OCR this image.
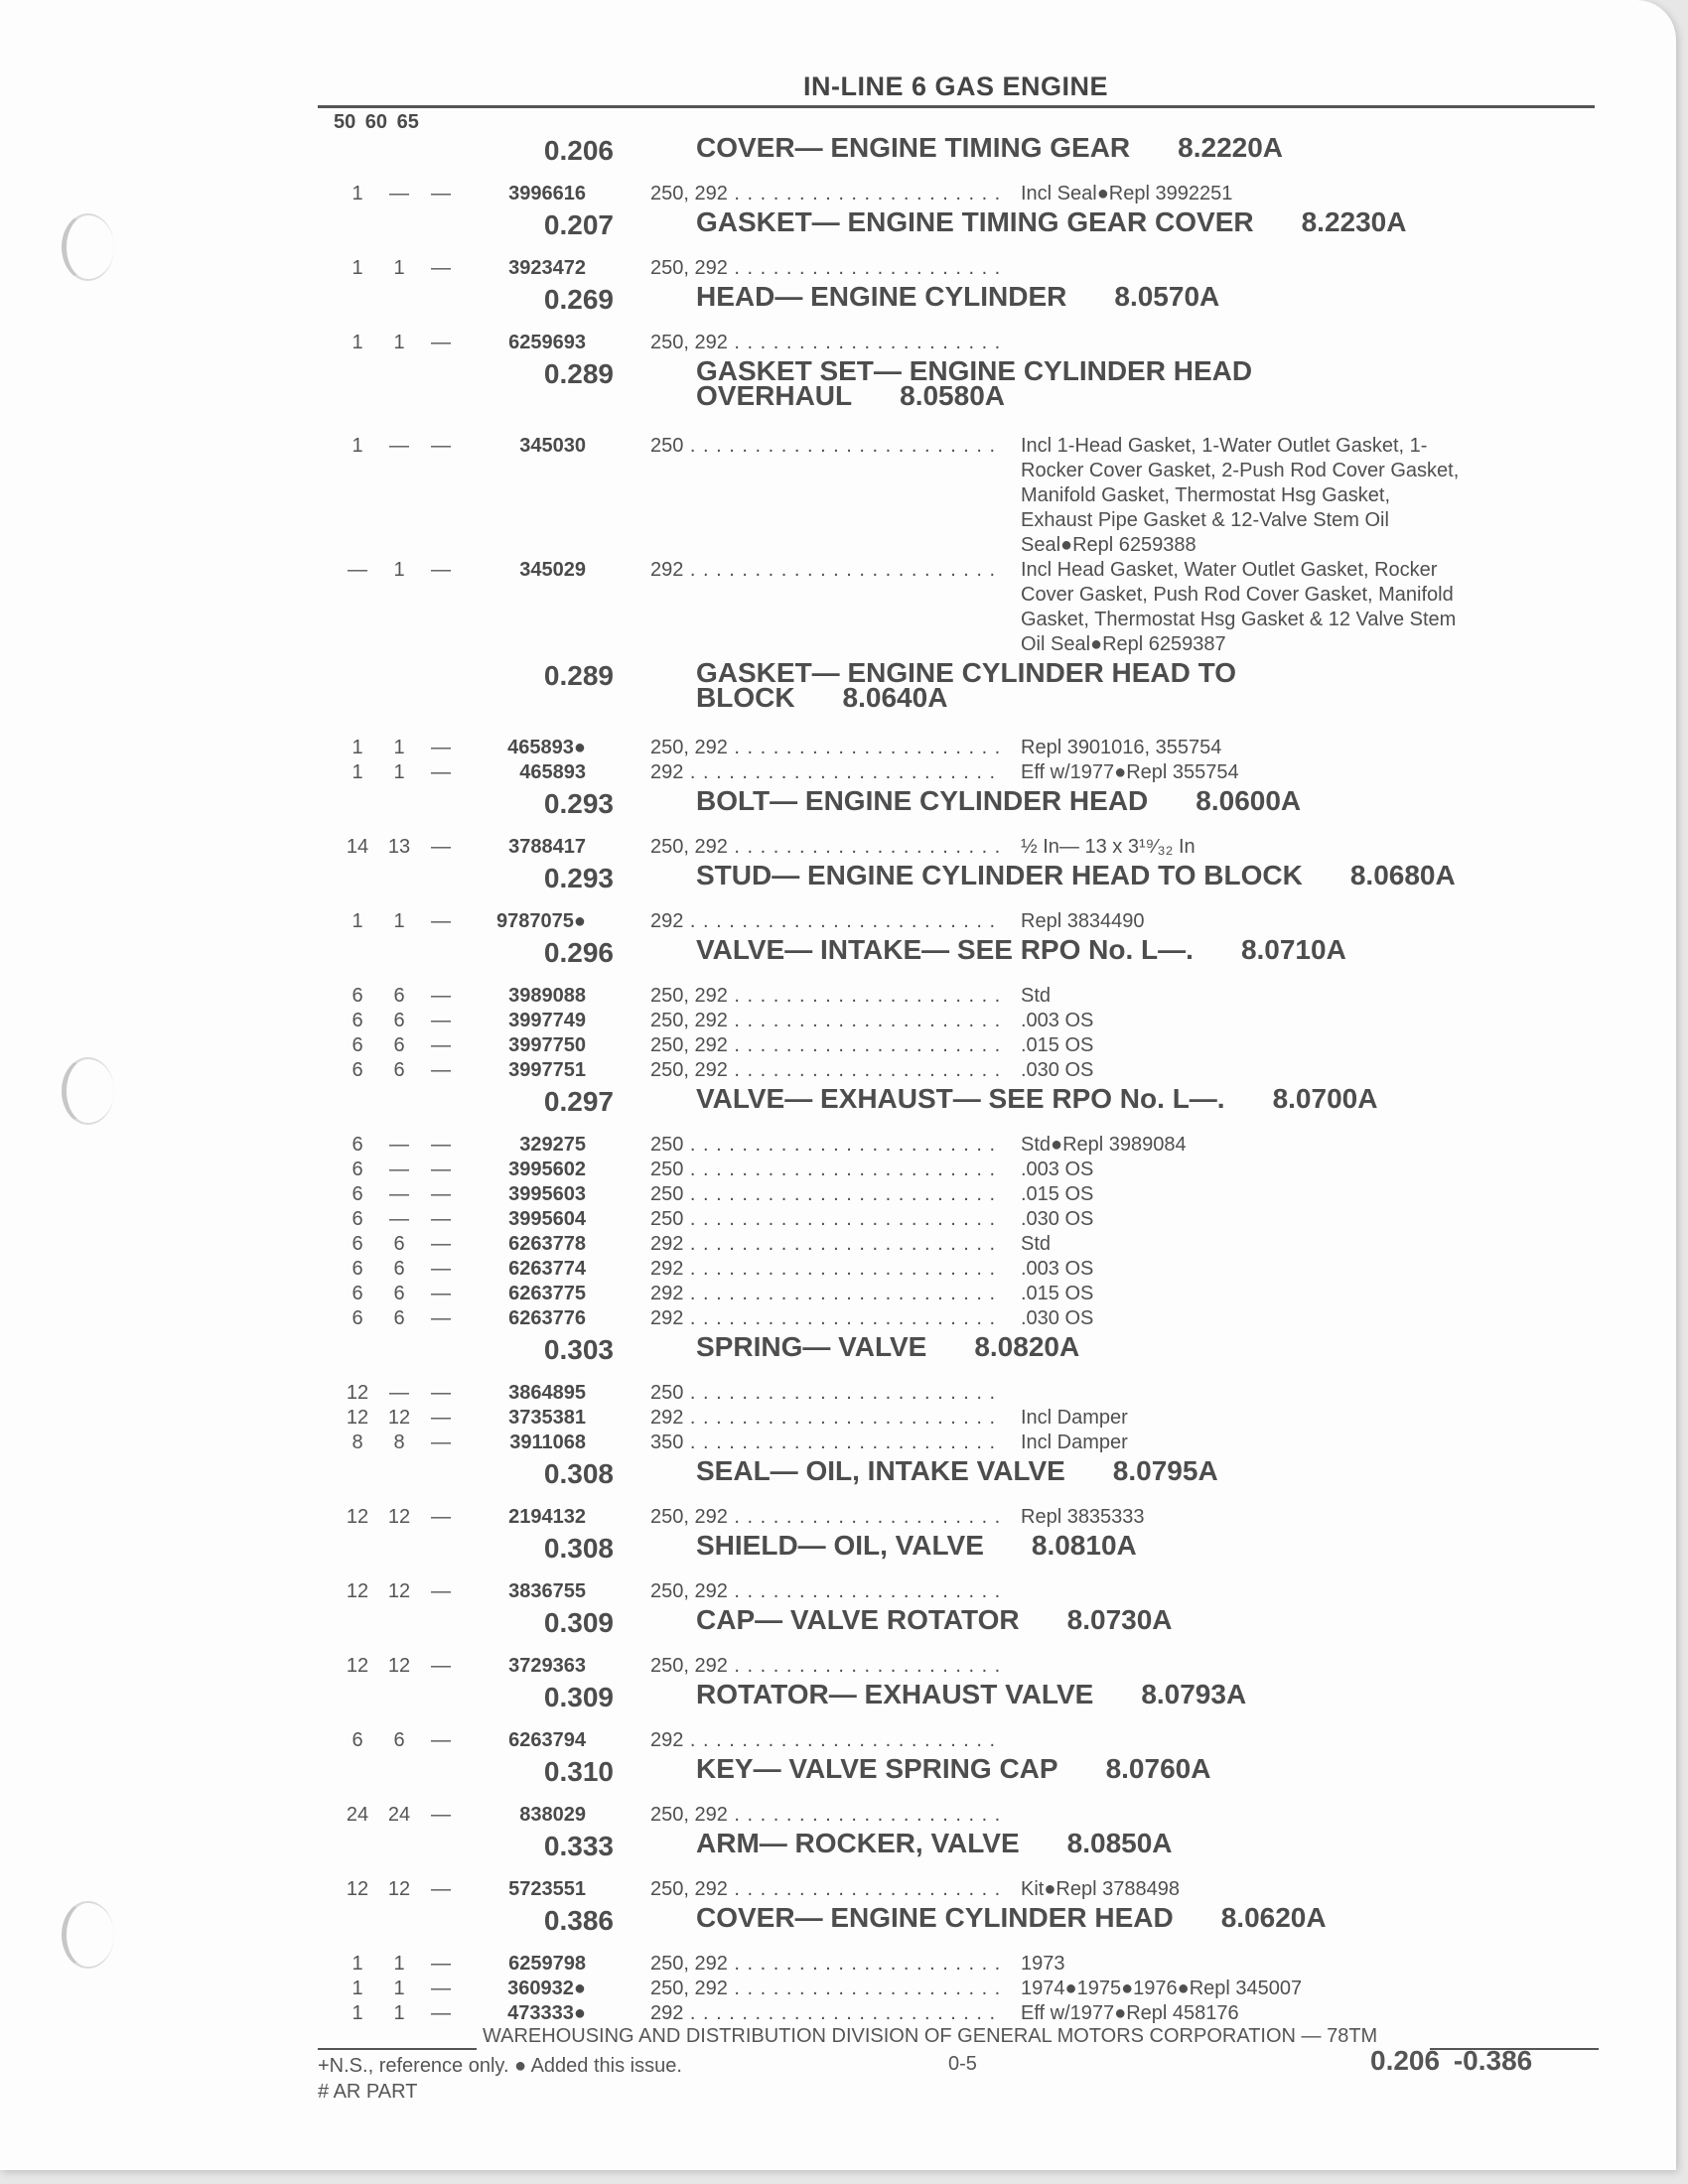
IN-LINE 6 GAS ENGINE
50 60 65
0.206	COVER— ENGINE TIMING GEAR 8.2220A
1	— —	3996616	250, 292 . . .	Incl Seal●Repl 3992251
0.207	GASKET— ENGINE TIMING GEAR COVER 8.2230A
1	1	—	3923472	250, 292 . . .
0.269	HEAD— ENGINE CYLINDER 8.0570A
1	1	—	6259693	250, 292 . . .
0.289	GASKET SET— ENGINE CYLINDER HEAD
OVERHAUL 8.0580A
1	— —	345030	250 . . .	Incl 1-Head Gasket, 1-Water Outlet Gasket, 1-
Rocker Cover Gasket, 2-Push Rod Cover Gasket,
Manifold Gasket, Thermostat Hsg Gasket,
Exhaust Pipe Gasket & 12-Valve Stem Oil
Seal●Repl 6259388
—	1	—	345029	292 . . .	Incl Head Gasket, Water Outlet Gasket, Rocker
Cover Gasket, Push Rod Cover Gasket, Manifold
Gasket, Thermostat Hsg Gasket & 12 Valve Stem
Oil Seal●Repl 6259387
0.289	GASKET— ENGINE CYLINDER HEAD TO
BLOCK 8.0640A
1	1	—	465893●	250, 292 . . .	Repl 3901016, 355754
1	1	—	465893	292 . . .	Eff w/1977●Repl 355754
0.293	BOLT— ENGINE CYLINDER HEAD 8.0600A
14 13 —	3788417	250, 292 . . .	½ In— 13 x 3¹⁹⁄₃₂ In
0.293	STUD— ENGINE CYLINDER HEAD TO BLOCK 8.0680A
1	1	—	9787075●	292 . . .	Repl 3834490
0.296	VALVE— INTAKE— SEE RPO No. L—. 8.0710A
6	6	—	3989088	250, 292 . . .	Std
6	6	—	3997749	250, 292 . . .	.003 OS
6	6	—	3997750	250, 292 . . .	.015 OS
6	6	—	3997751	250, 292 . . .	.030 OS
0.297	VALVE— EXHAUST— SEE RPO No. L—. 8.0700A
6	— —	329275	250 . . .	Std●Repl 3989084
6	— —	3995602	250 . . .	.003 OS
6	— —	3995603	250 . . .	.015 OS
6	— —	3995604	250 . . .	.030 OS
6	6	—	6263778	292 . . .	Std
6	6	—	6263774	292 . . .	.003 OS
6	6	—	6263775	292 . . .	.015 OS
6	6	—	6263776	292 . . .	.030 OS
0.303	SPRING— VALVE 8.0820A
12 — —	3864895	250 . . .
12 12 —	3735381	292 . . .	Incl Damper
8	8	—	3911068	350 . . .	Incl Damper
0.308	SEAL— OIL, INTAKE VALVE 8.0795A
12 12 —	2194132	250, 292 . . .	Repl 3835333
0.308	SHIELD— OIL, VALVE 8.0810A
12 12 —	3836755	250, 292 . . .
0.309	CAP— VALVE ROTATOR 8.0730A
12 12 —	3729363	250, 292 . . .
0.309	ROTATOR— EXHAUST VALVE 8.0793A
6	6	—	6263794	292 . . .
0.310	KEY— VALVE SPRING CAP 8.0760A
24 24 —	838029	250, 292 . . .
0.333	ARM— ROCKER, VALVE 8.0850A
12 12 —	5723551	250, 292 . . .	Kit●Repl 3788498
0.386	COVER— ENGINE CYLINDER HEAD 8.0620A
1	1	—	6259798	250, 292 . . .	1973
1	1	—	360932●	250, 292 . . .	1974●1975●1976●Repl 345007
1	1	—	473333●	292 . . .	Eff w/1977●Repl 458176
WAREHOUSING AND DISTRIBUTION DIVISION OF GENERAL MOTORS CORPORATION — 78TM
+N.S., reference only. ● Added this issue.
# AR PART
0-5	0.206 -0.386
